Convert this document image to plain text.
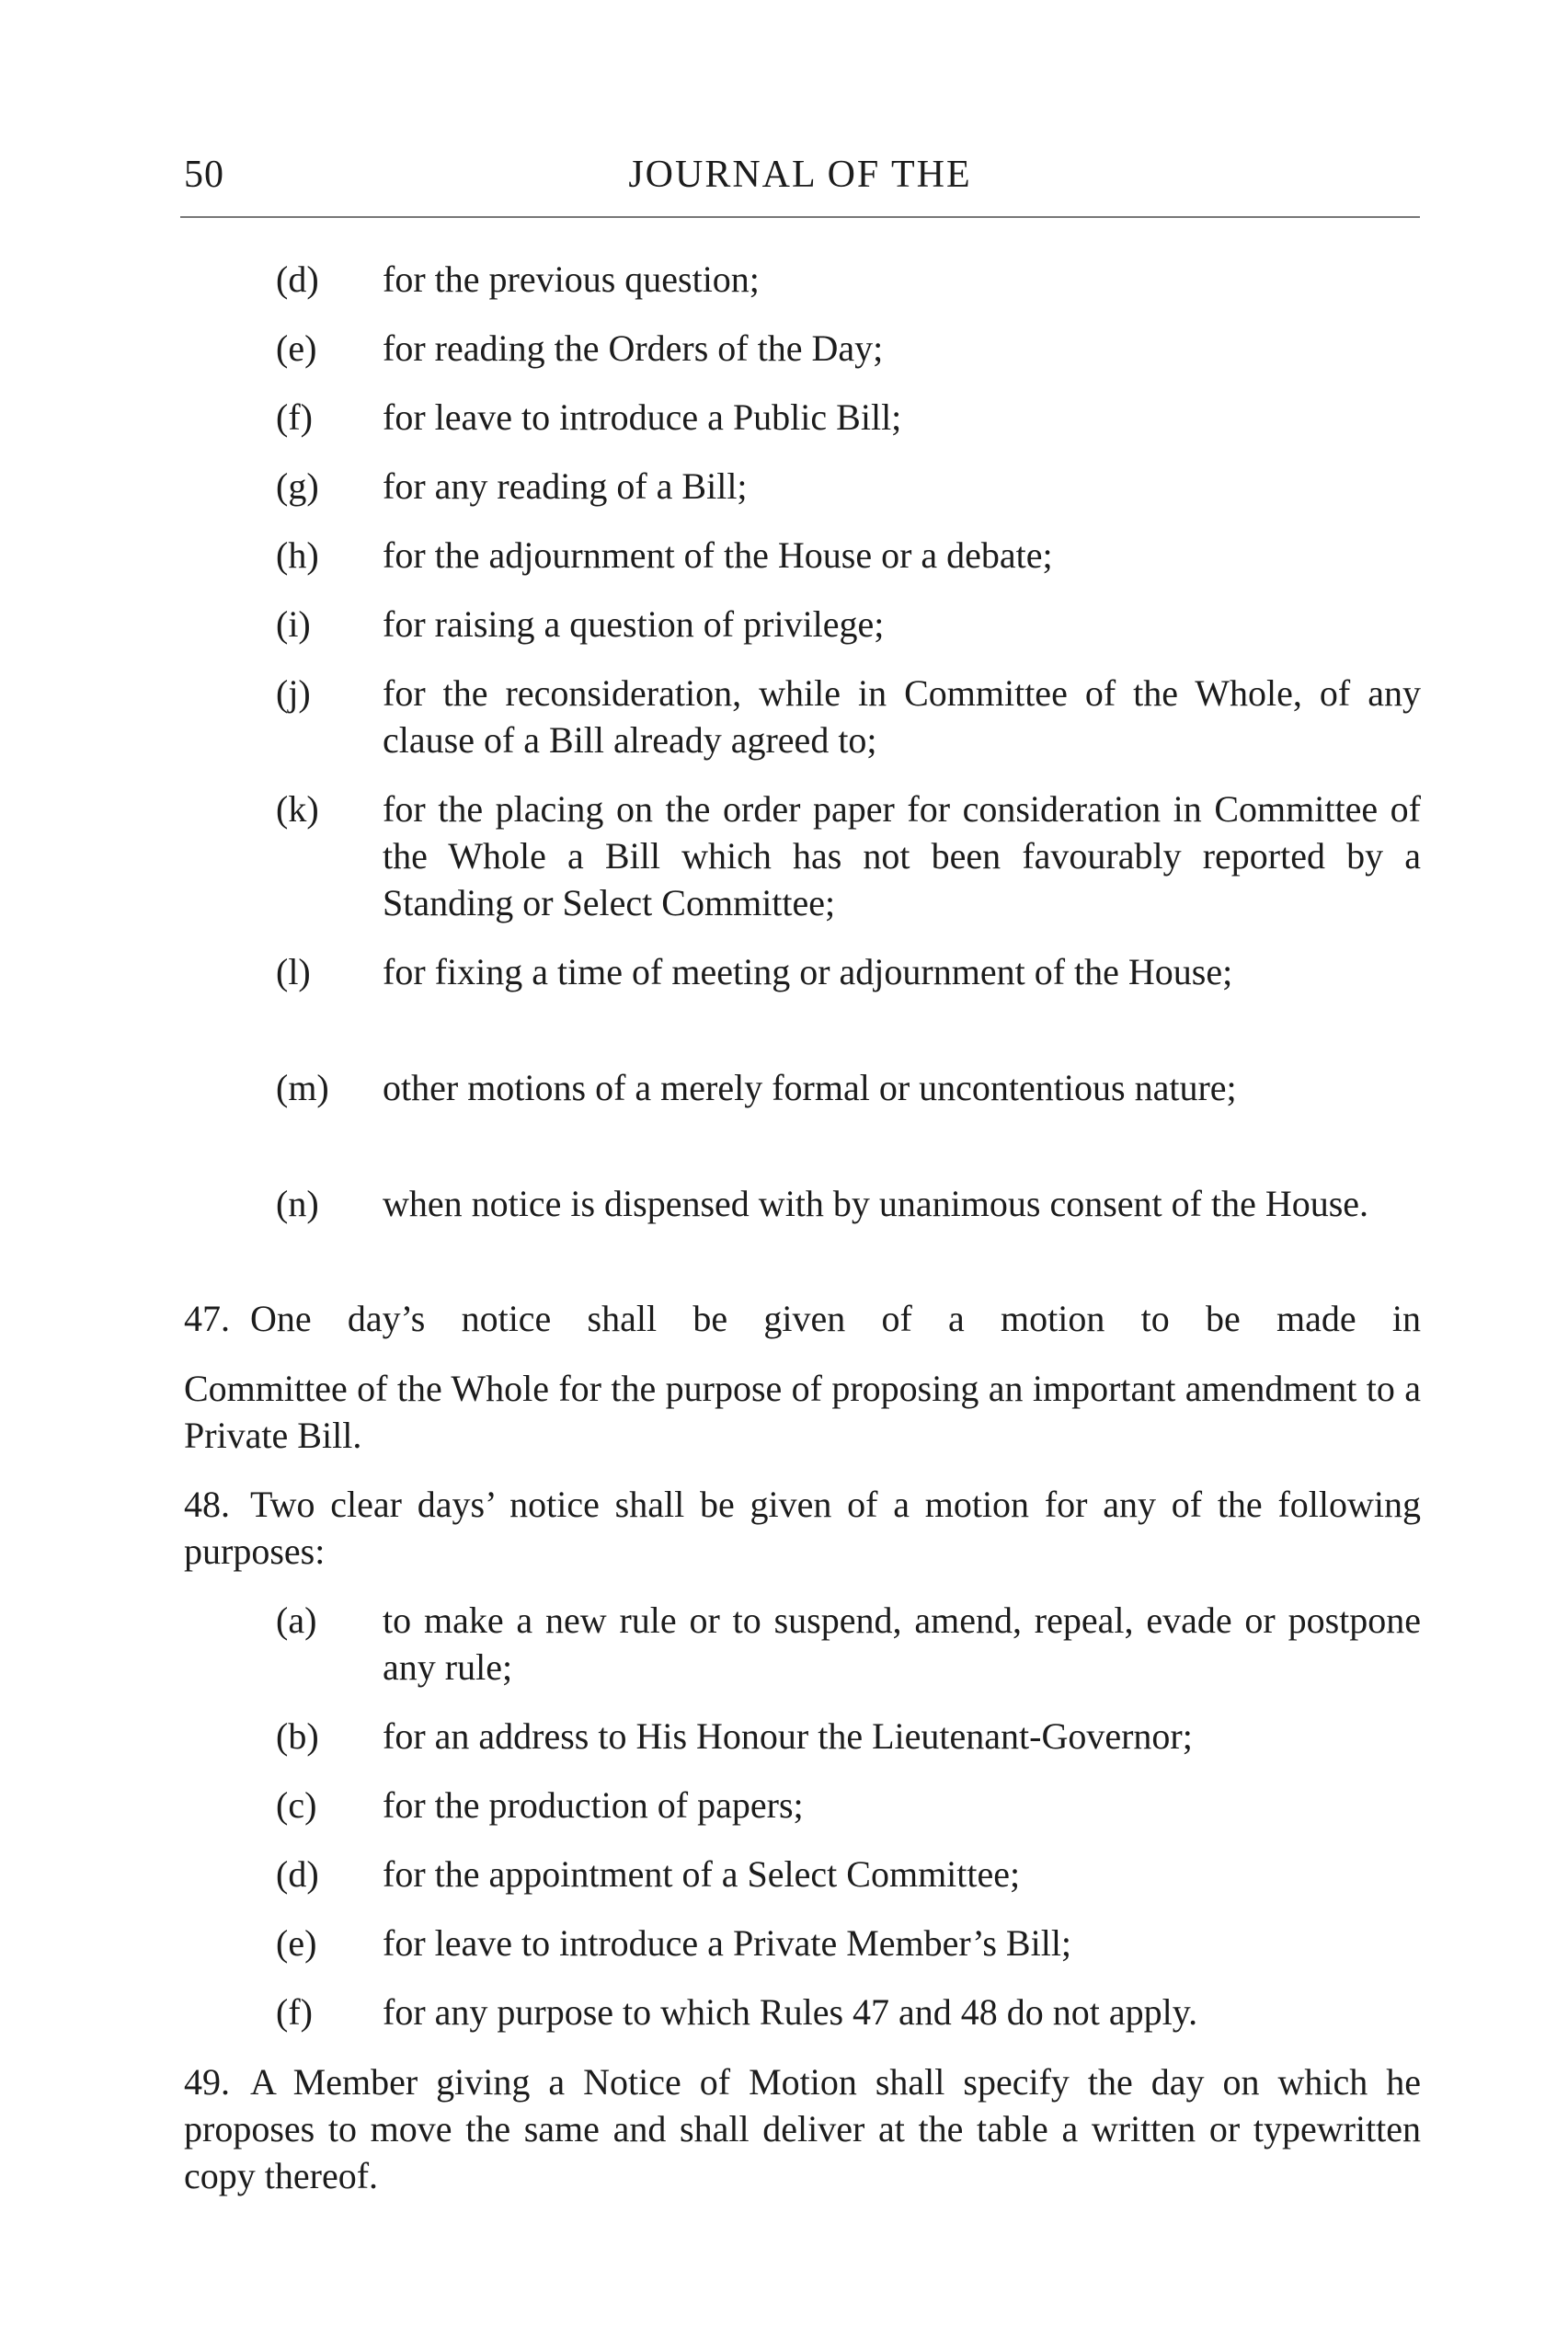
50	JOURNAL OF THE
(d) for the previous question;
(e) for reading the Orders of the Day;
(f) for leave to introduce a Public Bill;
(g) for any reading of a Bill;
(h) for the adjournment of the House or a debate;
(i) for raising a question of privilege;
(j) for the reconsideration, while in Committee of the Whole, of any clause of a Bill already agreed to;
(k) for the placing on the order paper for consideration in Committee of the Whole a Bill which has not been favourably reported by a Standing or Select Committee;
(l) for fixing a time of meeting or adjournment of the House;
(m) other motions of a merely formal or uncontentious nature;
(n) when notice is dispensed with by unanimous consent of the House.
47. One day’s notice shall be given of a motion to be made in
Committee of the Whole for the purpose of proposing an important amendment to a Private Bill.
48. Two clear days’ notice shall be given of a motion for any of the following purposes:
(a) to make a new rule or to suspend, amend, repeal, evade or postpone any rule;
(b) for an address to His Honour the Lieutenant-Governor;
(c) for the production of papers;
(d) for the appointment of a Select Committee;
(e) for leave to introduce a Private Member’s Bill;
(f) for any purpose to which Rules 47 and 48 do not apply.
49. A Member giving a Notice of Motion shall specify the day on which he proposes to move the same and shall deliver at the table a written or typewritten copy thereof.
